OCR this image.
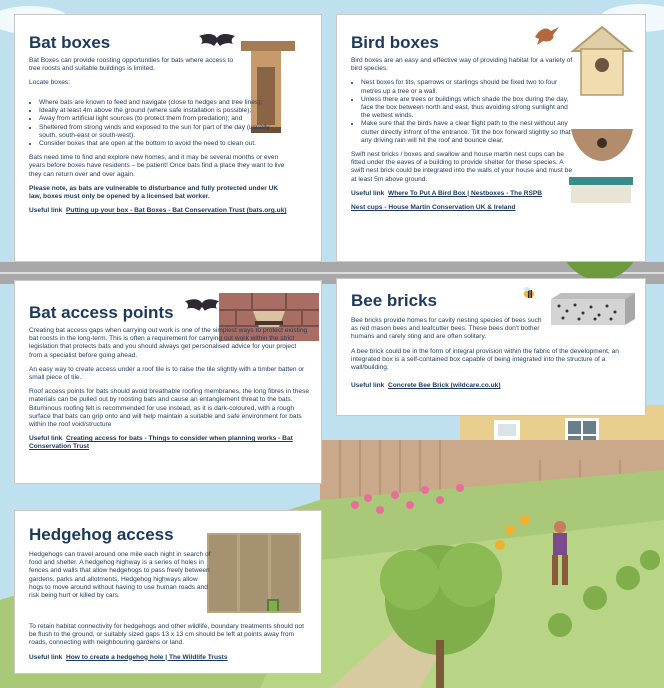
Bat boxes

Bat Boxes can provide roosting opportunities for bats where access to tree roosts and suitable buildings is limited.

Locate boxes:

• Where bats are known to feed and navigate (close to hedges and tree lines);
• Ideally at least 4m above the ground (where safe installation is possible);
• Away from artificial light sources (to protect them from predation); and
• Sheltered from strong winds and exposed to the sun for part of the day (usually south, south-east or south-west).
• Consider boxes that are open at the bottom to avoid the need to clean out.

Bats need time to find and explore new homes, and it may be several months or even years before boxes have residents – be patient! Once bats find a place they want to live they can return over and over again.

Please note, as bats are vulnerable to disturbance and fully protected under UK law, boxes must only be opened by a licensed bat worker.

Useful link Putting up your box - Bat Boxes - Bat Conservation Trust (bats.org.uk)

Bird boxes

Bird boxes are an easy and effective way of providing habitat for a variety of bird species.

• Nest boxes for tits, sparrows or starlings should be fixed two to four metres up a tree or a wall.
• Unless there are trees or buildings which shade the box during the day, face the box between north and east, thus avoiding strong sunlight and the wettest winds.
• Make sure that the birds have a clear flight path to the nest without any clutter directly infront of the entrance. Tilt the box forward slightly so that any driving rain will hit the roof and bounce clear.

Swift nest bricks / boxes and swallow and house martin nest cups can be fitted under the eaves of a building to provide shelter for these species. A swift nest brick could be integrated into the walls of your house and must be at least 5m above ground.

Useful link Where To Put A Bird Box | Nestboxes - The RSPB

Nest cups - House Martin Conservation UK & Ireland

Bat access points

Creating bat access gaps when carrying out work is one of the simplest ways to protect existing bat roosts in the long-term. This is often a requirement for carrying out work within the strict legislation that protects bats and you should always get personalised advice for your project from a specialist before going ahead.

An easy way to create access under a roof tile is to raise the tile slightly with a timber batten or small piece of tile.

Roof access points for bats should avoid breathable roofing membranes, the long fibres in these materials can be pulled out by roosting bats and cause an entanglement threat to the bats. Bituminous roofing felt is recommended for use instead, as it is dark-coloured, with a rough surface that bats can grip onto and will help maintain a suitable and safe environment for bats within the roof void/structure

Useful link Creating access for bats - Things to consider when planning works - Bat Conservation Trust

Bee bricks

Bee bricks provide homes for cavity nesting species of bees such as red mason bees and leafcutter bees. These bees don't bother humans and rarely sting and are often solitary.

A bee brick could be in the form of integral provision within the fabric of the development, an integrated box is a self-contained box capable of being integrated into the structure of a wall/building.

Useful link Concrete Bee Brick (wildcare.co.uk)

Hedgehog access

Hedgehogs can travel around one mile each night in search of food and shelter. A hedgehog highway is a series of holes in fences and walls that allow hedgehogs to pass freely between gardens, parks and allotments. Hedgehog highways allow hogs to move around without having to use human roads and risk being hurt or killed by cars.

To retain habitat connectivity for hedgehogs and other wildlife, boundary treatments should not be flush to the ground, or suitably sized gaps 13 x 13 cm should be left at points away from roads, connecting with neighbouring gardens or land.

Useful link How to create a hedgehog hole | The Wildlife Trusts
